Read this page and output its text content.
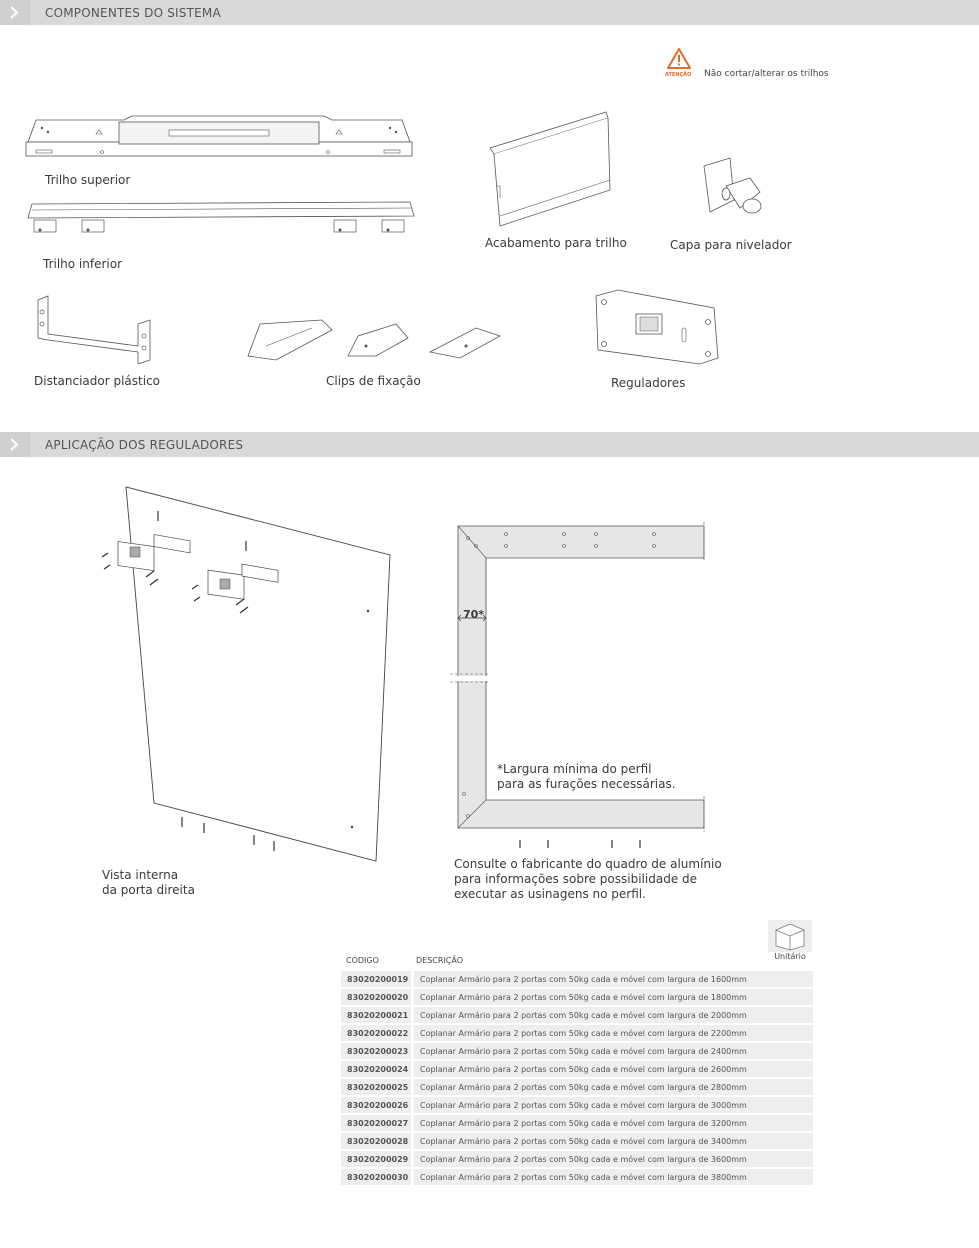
COMPONENTES DO SISTEMA
ATENÇÃO Não cortar/alterar os trilhos
Trilho superior
Trilho inferior
Acabamento para trilho	Capa para nivelador
Distanciador plástico	Clips de fixação	Reguladores
APLICAÇÃO DOS REGULADORES
Vista interna
da porta direita
70*
*Largura mínima do perfil
para as furações necessárias.
Consulte o fabricante do quadro de alumínio
para informações sobre possibilidade de
executar as usinagens no perfil.
Unitário
CÓDIGO	DESCRIÇÃO
83020200019	Coplanar Armário para 2 portas com 50kg cada e móvel com largura de 1600mm
83020200020	Coplanar Armário para 2 portas com 50kg cada e móvel com largura de 1800mm
83020200021	Coplanar Armário para 2 portas com 50kg cada e móvel com largura de 2000mm
83020200022	Coplanar Armário para 2 portas com 50kg cada e móvel com largura de 2200mm
83020200023	Coplanar Armário para 2 portas com 50kg cada e móvel com largura de 2400mm
83020200024	Coplanar Armário para 2 portas com 50kg cada e móvel com largura de 2600mm
83020200025	Coplanar Armário para 2 portas com 50kg cada e móvel com largura de 2800mm
83020200026	Coplanar Armário para 2 portas com 50kg cada e móvel com largura de 3000mm
83020200027	Coplanar Armário para 2 portas com 50kg cada e móvel com largura de 3200mm
83020200028	Coplanar Armário para 2 portas com 50kg cada e móvel com largura de 3400mm
83020200029	Coplanar Armário para 2 portas com 50kg cada e móvel com largura de 3600mm
83020200030	Coplanar Armário para 2 portas com 50kg cada e móvel com largura de 3800mm
